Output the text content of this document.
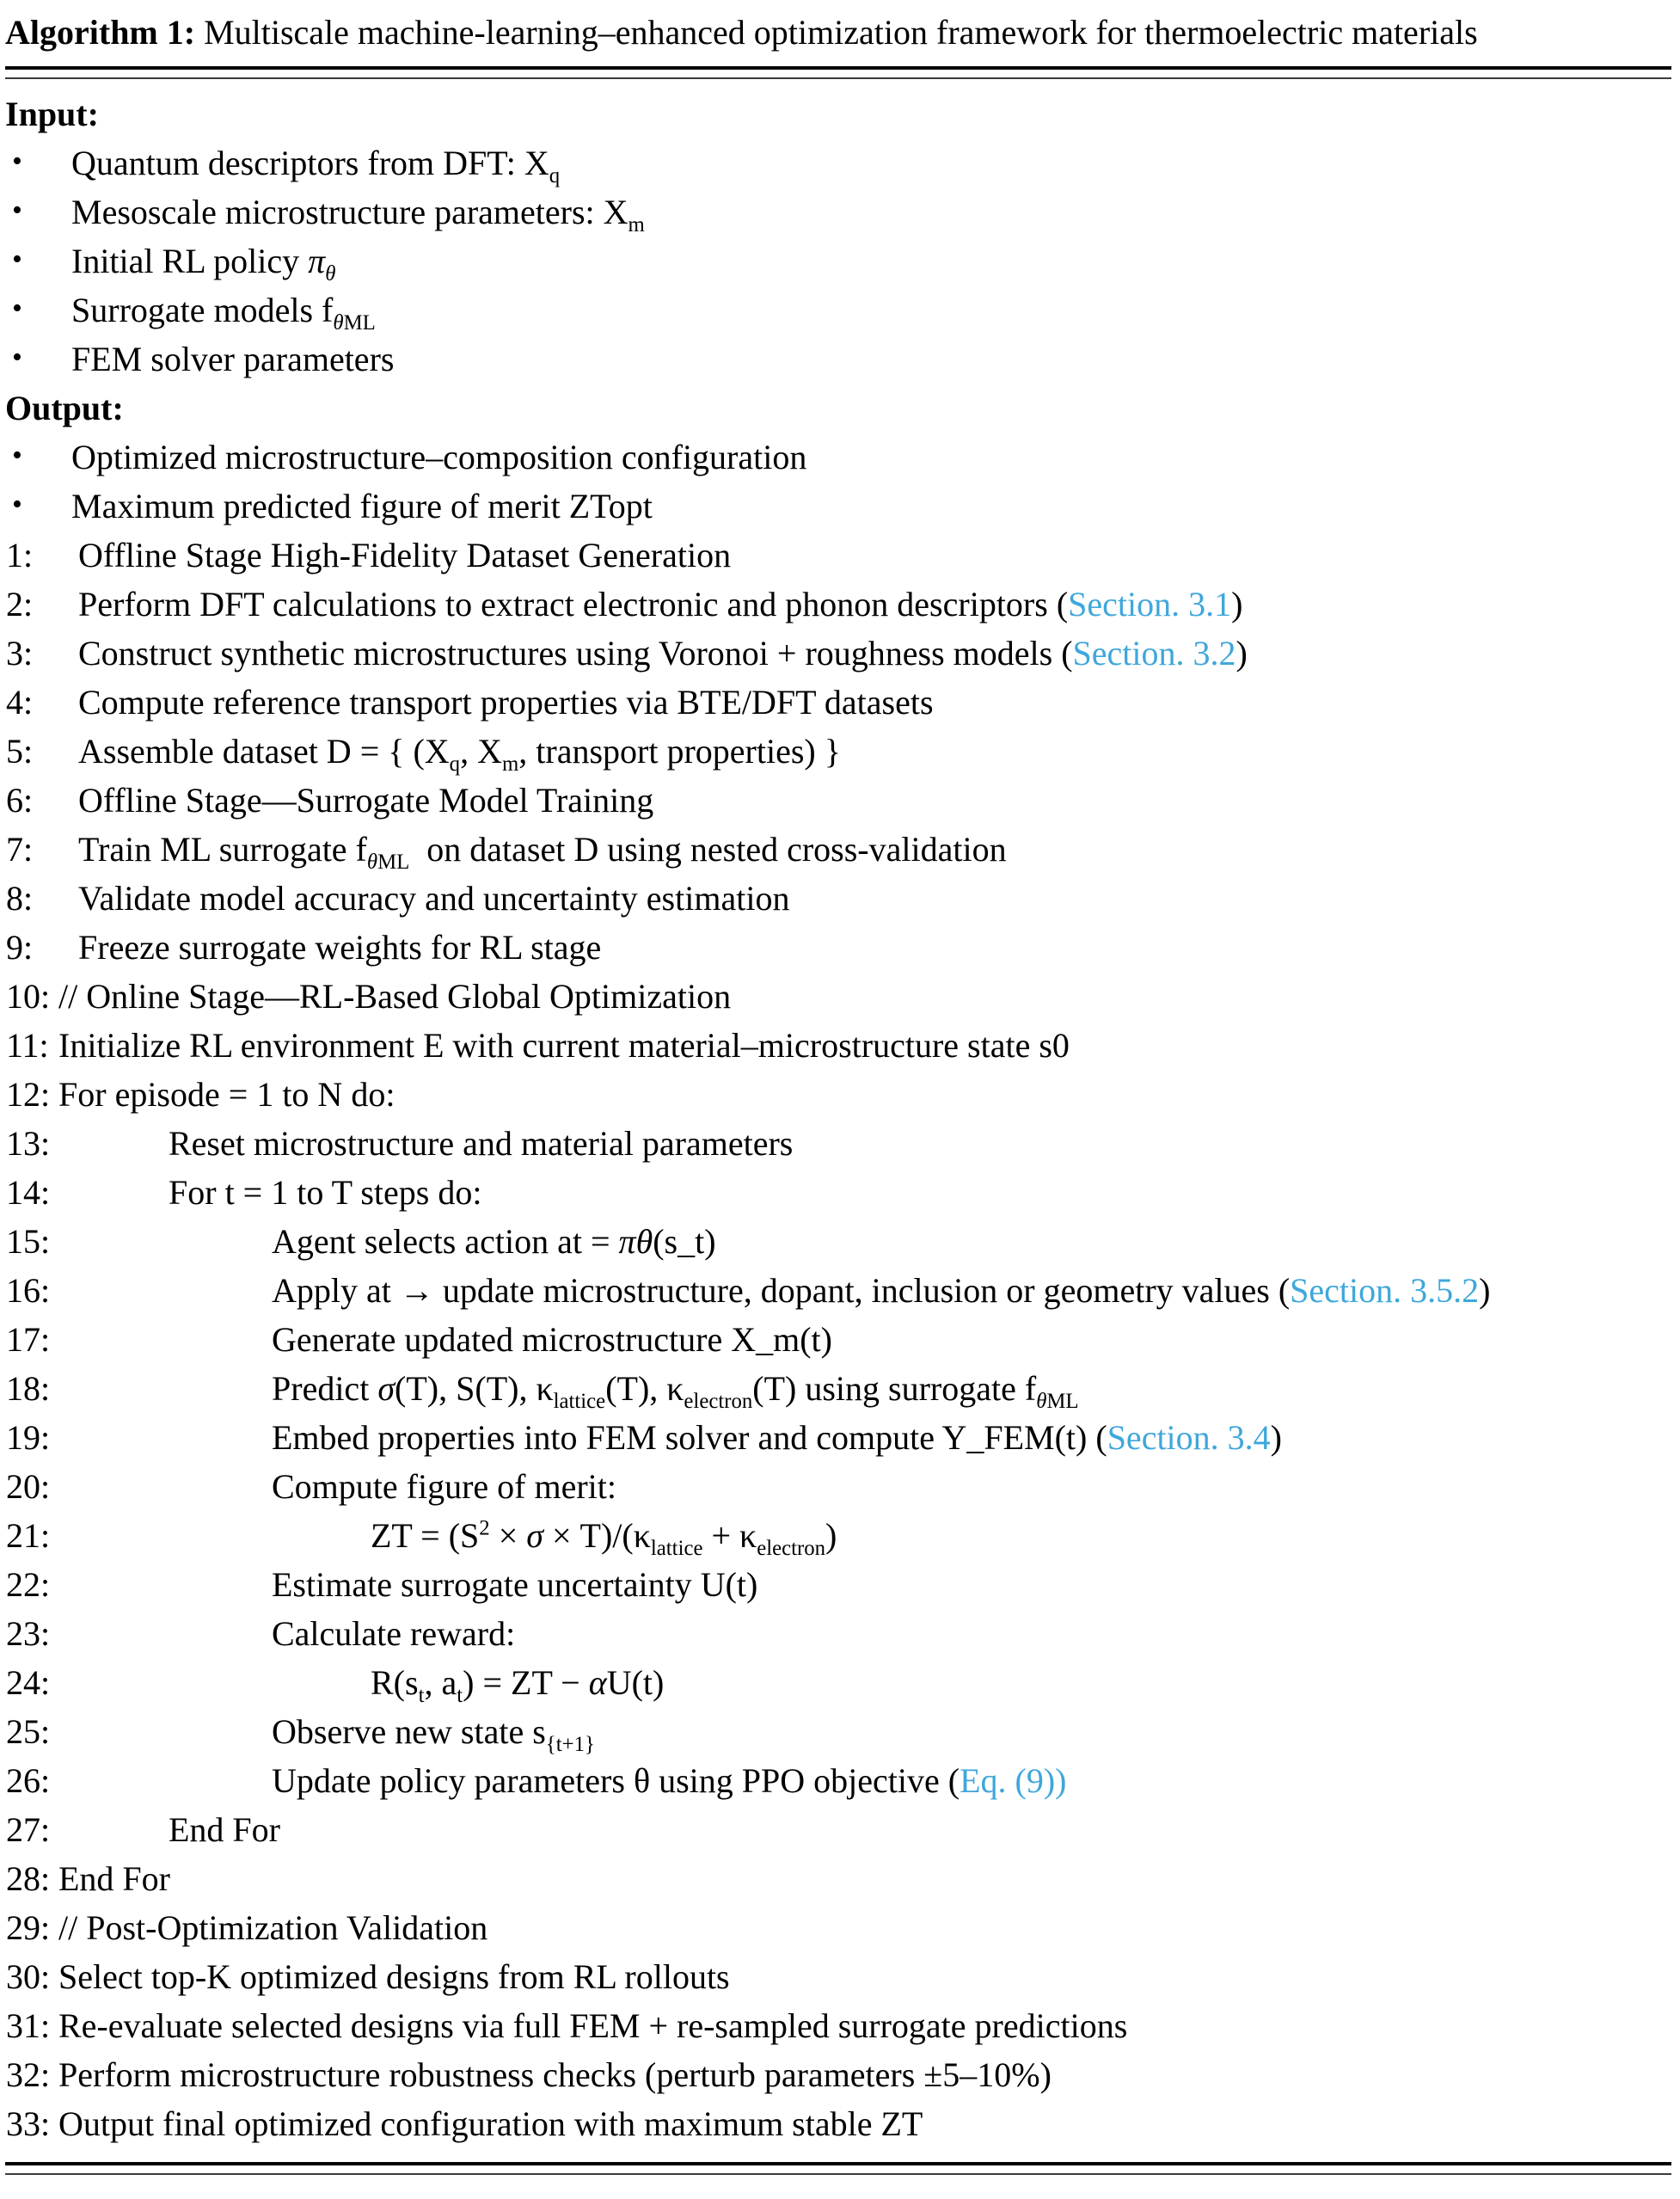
Algorithm 1: Multiscale machine-learning–enhanced optimization framework for thermoelectric materials
Input:
• Quantum descriptors from DFT: $X_q$
• Mesoscale microstructure parameters: $X_m$
• Initial RL policy $\pi_\theta$
• Surrogate models $f_{\theta ML}$
• FEM solver parameters
Output:
• Optimized microstructure–composition configuration
• Maximum predicted figure of merit ZTopt
1: Offline Stage High-Fidelity Dataset Generation
2: Perform DFT calculations to extract electronic and phonon descriptors (Section. 3.1)
3: Construct synthetic microstructures using Voronoi + roughness models (Section. 3.2)
4: Compute reference transport properties via BTE/DFT datasets
5: Assemble dataset D = { ($X_q$, $X_m$, transport properties) }
6: Offline Stage—Surrogate Model Training
7: Train ML surrogate $f_{\theta ML}$  on dataset D using nested cross-validation
8: Validate model accuracy and uncertainty estimation
9: Freeze surrogate weights for RL stage
10: // Online Stage—RL-Based Global Optimization
11: Initialize RL environment E with current material–microstructure state s0
12: For episode = 1 to N do:
13:	Reset microstructure and material parameters
14:	For t = 1 to T steps do:
15:	Agent selects action at = πθ(s_t)
16:	Apply at → update microstructure, dopant, inclusion or geometry values (Section. 3.5.2)
17:	Generate updated microstructure X_m(t)
18:	Predict σ(T), S(T), $\kappa_{lattice}(T)$, $\kappa_{electron}(T)$ using surrogate $f_{\theta ML}$
19:	Embed properties into FEM solver and compute Y_FEM(t) (Section. 3.4)
20:	Compute figure of merit:
21:	ZT = $(S^2 \times \sigma \times T)/(\kappa_{lattice} + \kappa_{electron})$
22:	Estimate surrogate uncertainty U(t)
23:	Calculate reward:
24:	$R(s_t$, $a_t$) = ZT − αU(t)
25:	Observe new state $s_{\{t+1\}}$
26:	Update policy parameters θ using PPO objective (Eq. (9))
27:	End For
28: End For
29: // Post-Optimization Validation
30: Select top-K optimized designs from RL rollouts
31: Re-evaluate selected designs via full FEM + re-sampled surrogate predictions
32: Perform microstructure robustness checks (perturb parameters ±5–10%)
33: Output final optimized configuration with maximum stable ZT
